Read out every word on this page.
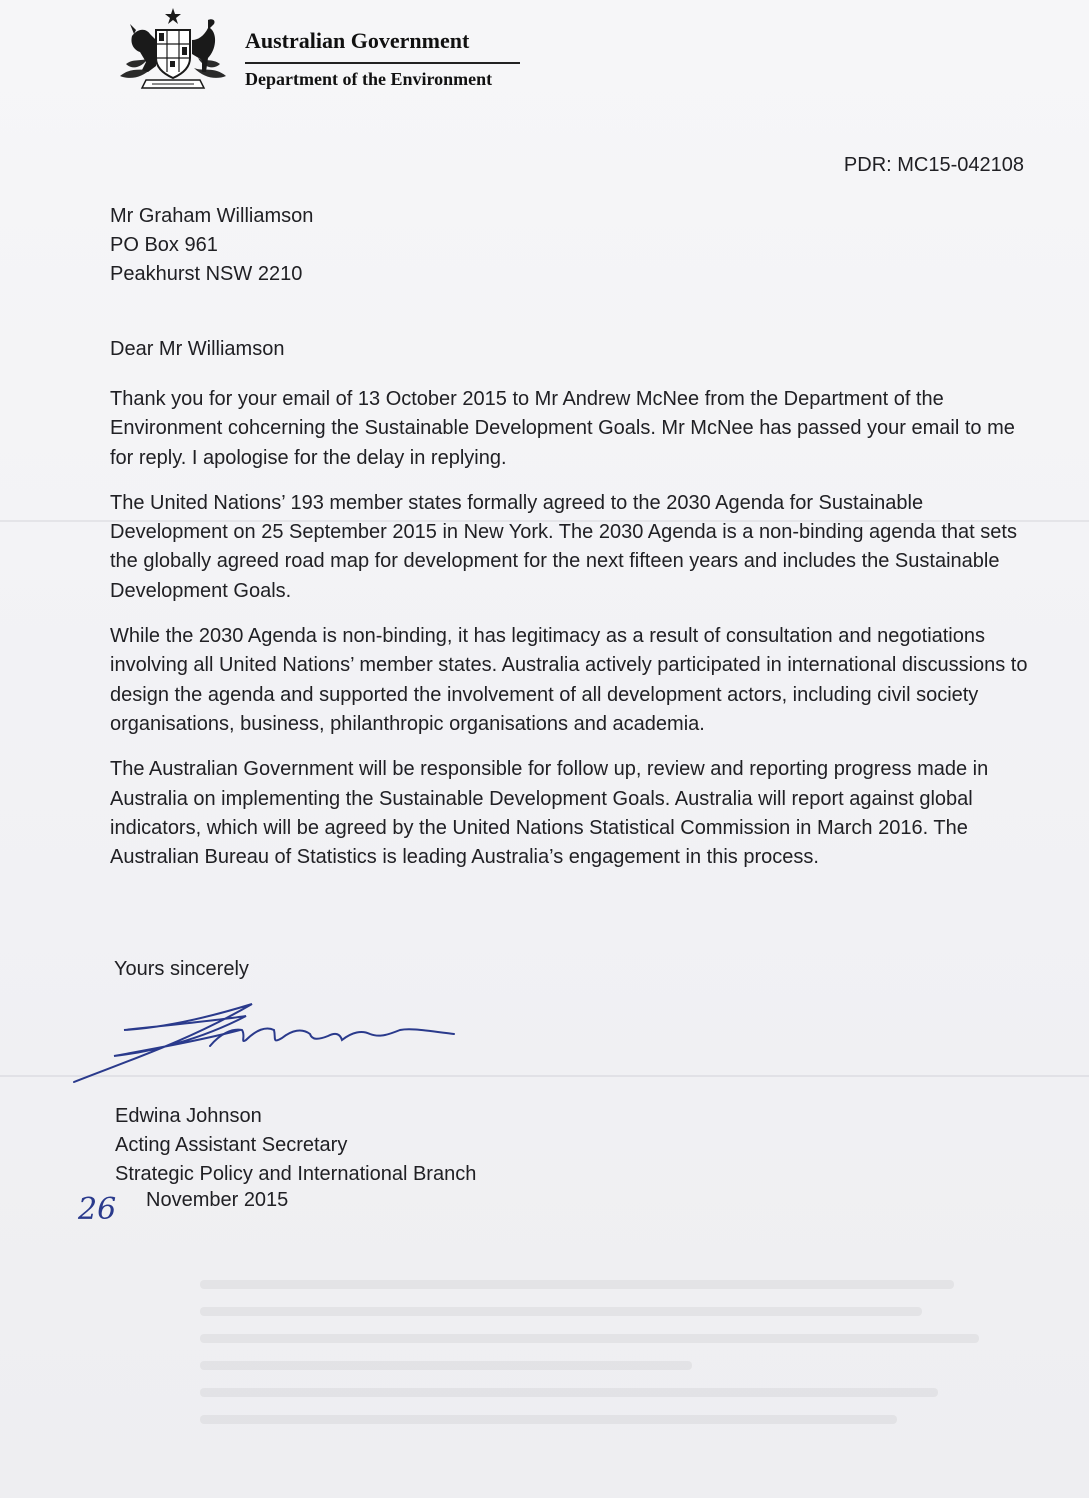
Australian Government
Department of the Environment
PDR: MC15-042108
Mr Graham Williamson
PO Box 961
Peakhurst NSW 2210
Dear Mr Williamson

Thank you for your email of 13 October 2015 to Mr Andrew McNee from the Department of the Environment cohcerning the Sustainable Development Goals. Mr McNee has passed your email to me for reply. I apologise for the delay in replying.

The United Nations’ 193 member states formally agreed to the 2030 Agenda for Sustainable Development on 25 September 2015 in New York. The 2030 Agenda is a non-binding agenda that sets the globally agreed road map for development for the next fifteen years and includes the Sustainable Development Goals.

While the 2030 Agenda is non-binding, it has legitimacy as a result of consultation and negotiations involving all United Nations’ member states. Australia actively participated in international discussions to design the agenda and supported the involvement of all development actors, including civil society organisations, business, philanthropic organisations and academia.

The Australian Government will be responsible for follow up, review and reporting progress made in Australia on implementing the Sustainable Development Goals. Australia will report against global indicators, which will be agreed by the United Nations Statistical Commission in March 2016. The Australian Bureau of Statistics is leading Australia’s engagement in this process.

Yours sincerely
Edwina Johnson
Acting Assistant Secretary
Strategic Policy and International Branch
26 November 2015
